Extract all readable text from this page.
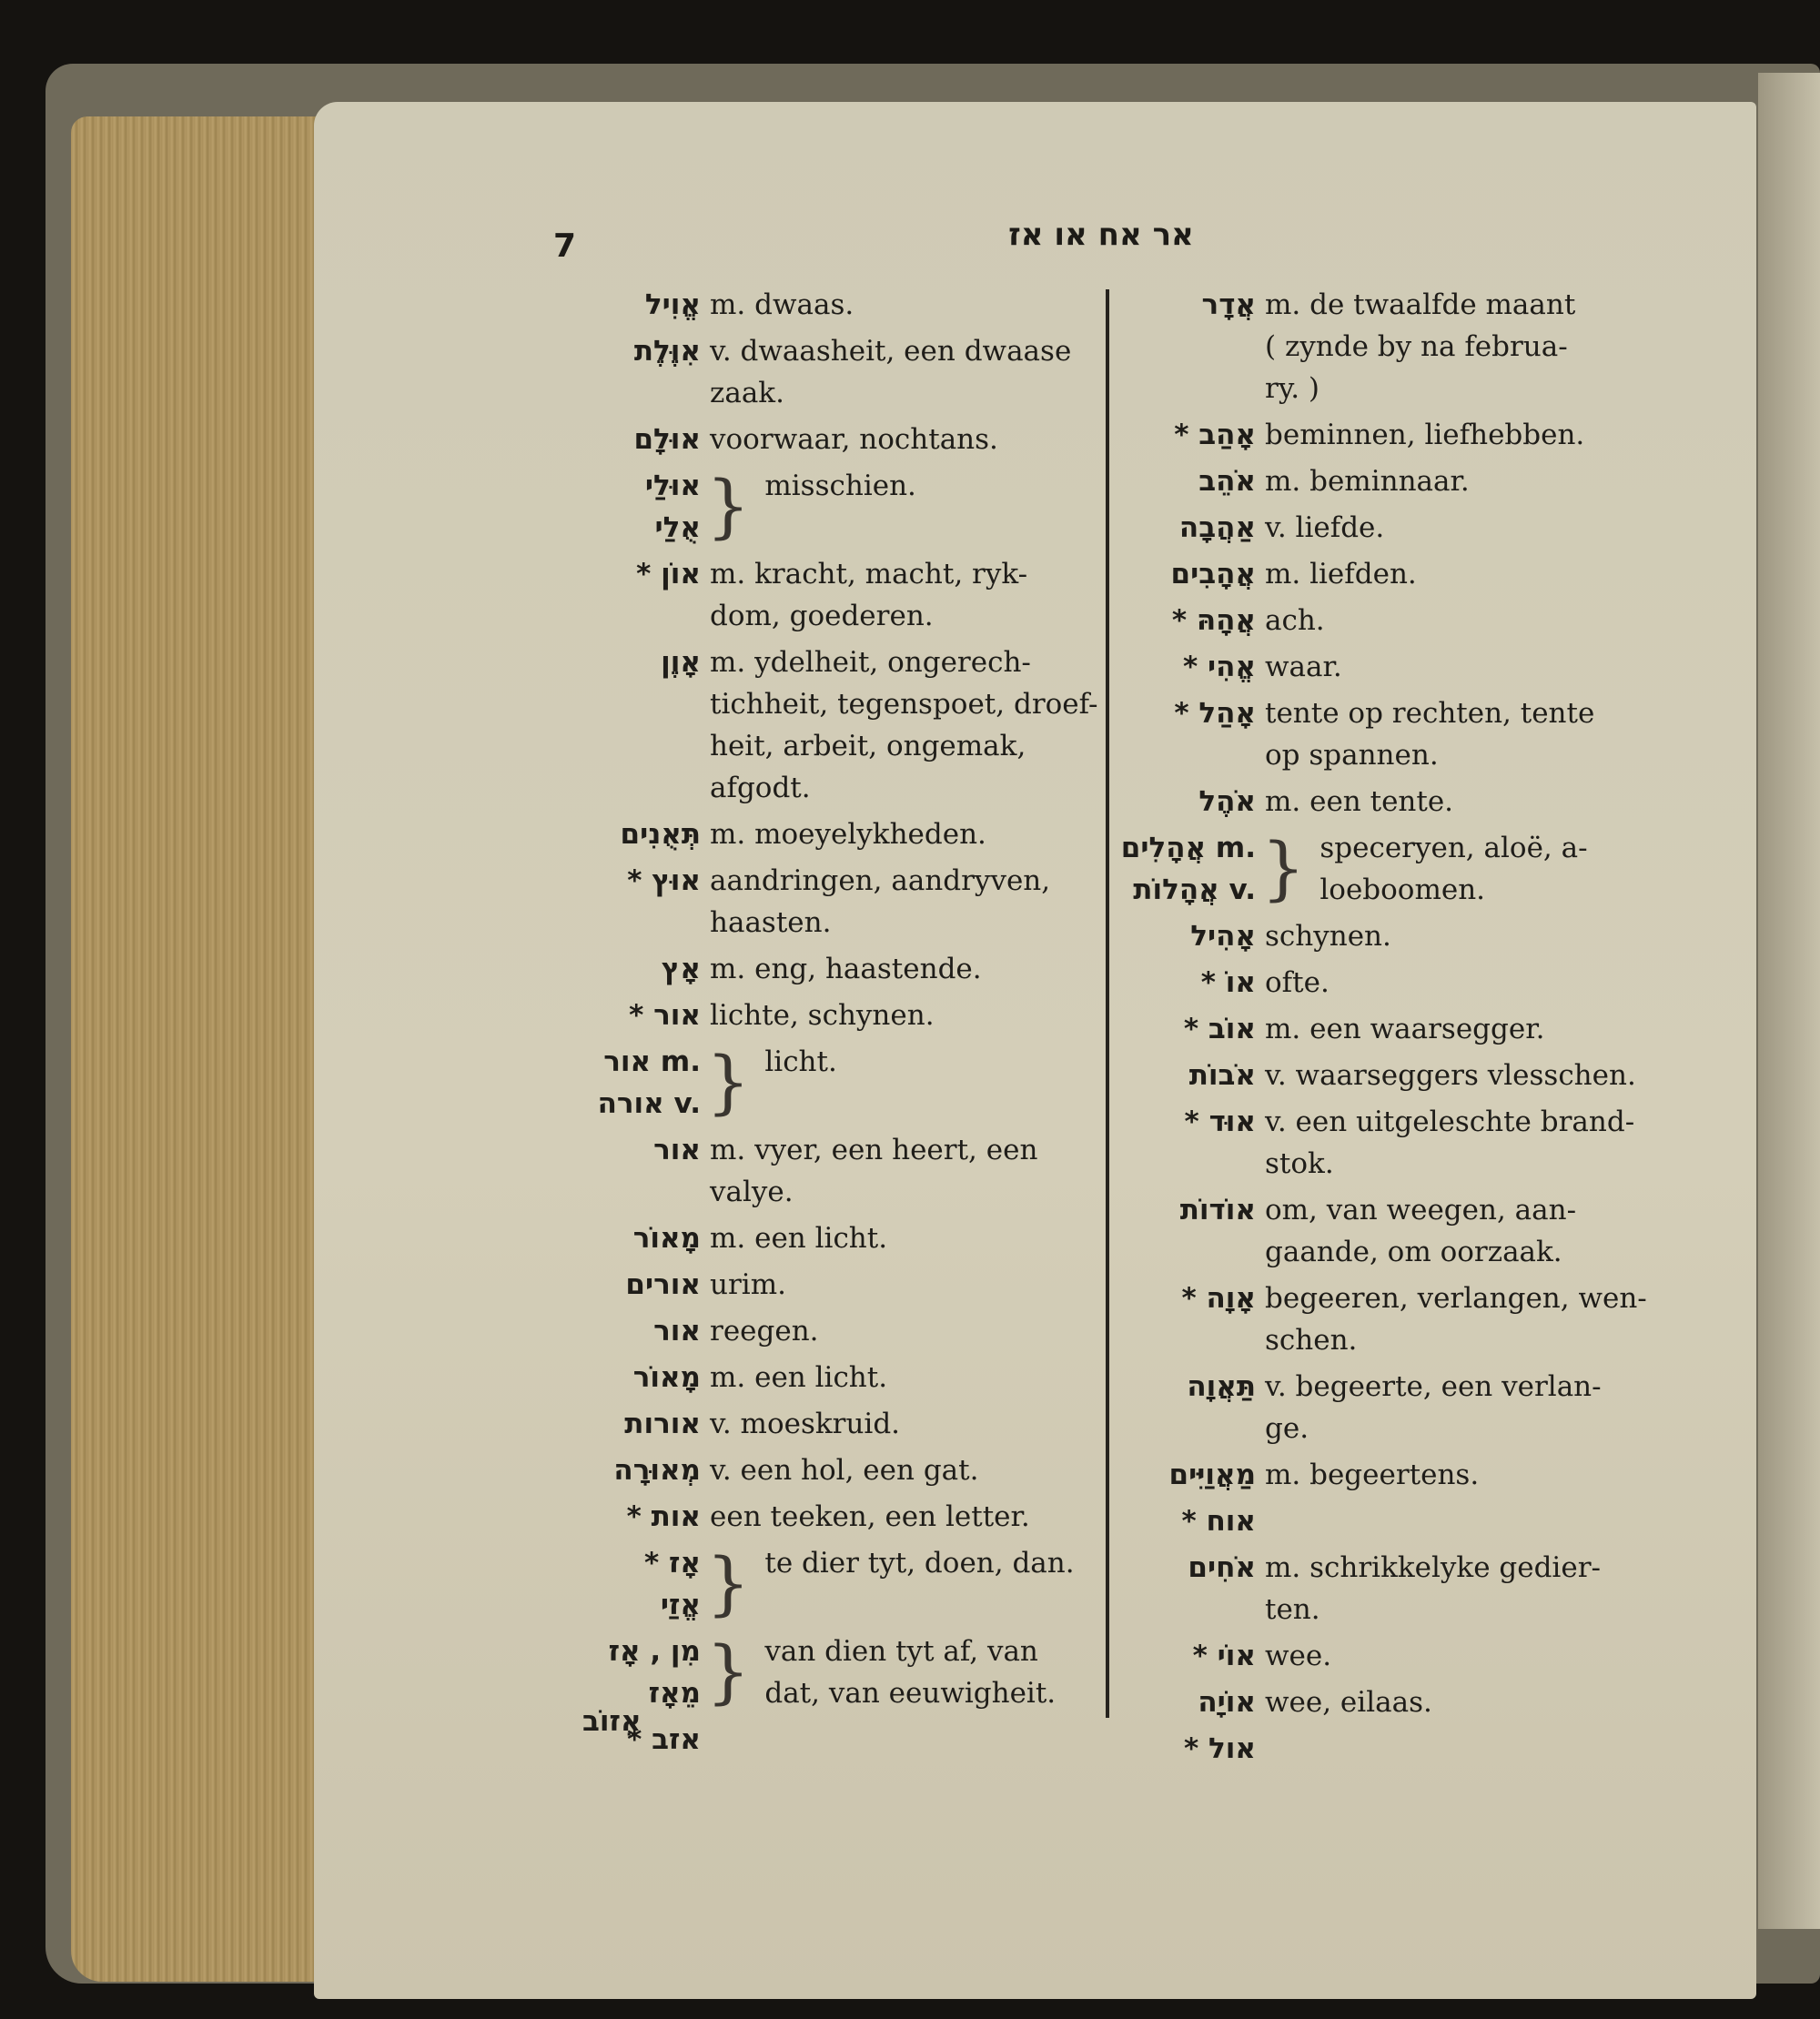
7	אר אח או אז
אֱוִיל m. dwaas.
אִוֶּלֶת v. dwaasheit, een dwaase
zaak.
אוּלָם voorwaar, nochtans.
אוּלַי
אֻלַי } misschien.
* אוֹן m. kracht, macht, ryk-
dom, goederen.
אָוֶן m. ydelheit, ongerech-
tichheit, tegenspoet, droef-
heit, arbeit, ongemak,
afgodt.
תְּאֻנִים m. moeyelykheden.
* אוּץ aandringen, aandryven,
haasten.
אָץ m. eng, haastende.
* אור lichte, schynen.
אור m.
אורה v. } licht.
אור m. vyer, een heert, een
valye.
מָאוֹר m. een licht.
אורים urim.
אור reegen.
מָאוֹר m. een licht.
אורות v. moeskruid.
מְאוּרָה v. een hol, een gat.
* אות een teeken, een letter.
* אָז
אֱזַי } te dier tyt, doen, dan.
מִן , אָז
מֵאָז } van dien tyt af, van
dat, van eeuwigheit.
* אזב
אֲדָר m. de twaalfde maant
( zynde by na februa-
ry. )
* אָהַב beminnen, liefhebben.
אֹהֵב m. beminnaar.
אַהֲבָה v. liefde.
אֲהָבִים m. liefden.
* אֲהָהּ ach.
* אֱהִי waar.
* אָהַל tente op rechten, tente
op spannen.
אֹהֶל m. een tente.
אֲהָלִים m.
אֲהָלוֹת v. } speceryen, aloë, a-
loeboomen.
אָהִיל schynen.
* אוֹ ofte.
* אוֹב m. een waarsegger.
אֹבוֹת v. waarseggers vlesschen.
* אוּד v. een uitgeleschte brand-
stok.
אוֹדוֹת om, van weegen, aan-
gaande, om oorzaak.
* אָוָה begeeren, verlangen, wen-
schen.
תַּאֲוָה v. begeerte, een verlan-
ge.
מַאֲוַיִּים m. begeertens.
* אוח
אֹחִים m. schrikkelyke gedier-
ten.
* אוֹי wee.
אוֹיָה wee, eilaas.
* אול
אֵזוֹב
